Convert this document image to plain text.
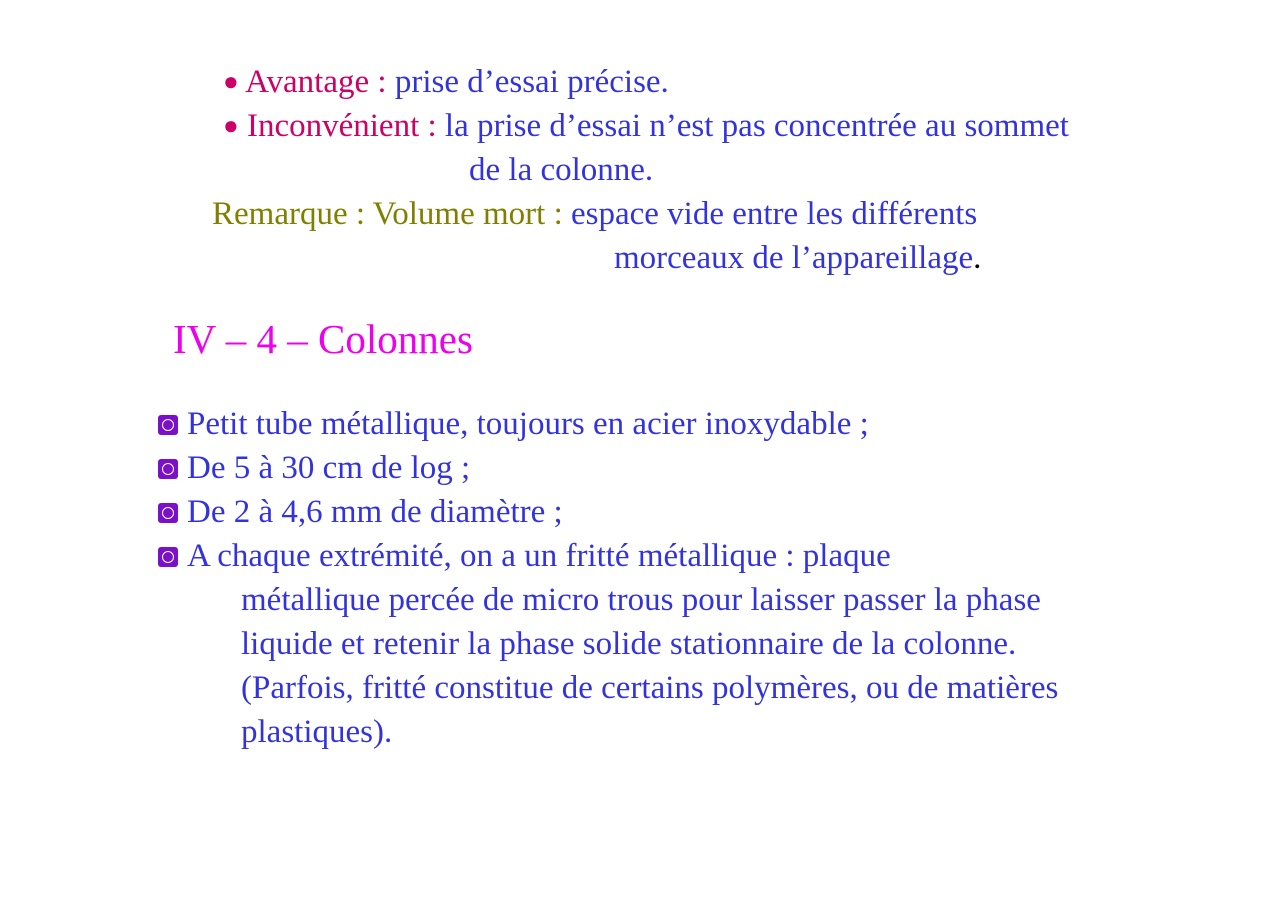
● Avantage : prise d’essai précise.
● Inconvénient : la prise d’essai n’est pas concentrée au sommet
de la colonne.
Remarque : Volume mort : espace vide entre les différents
morceaux de l’appareillage.
IV – 4 – Colonnes
Petit tube métallique, toujours en acier inoxydable ;
De 5 à 30 cm de log ;
De 2 à 4,6 mm de diamètre ;
A chaque extrémité, on a un fritté métallique : plaque
métallique percée de micro trous pour laisser passer la phase
liquide et retenir la phase solide stationnaire de la colonne.
(Parfois, fritté constitue de certains polymères, ou de matières
plastiques).
